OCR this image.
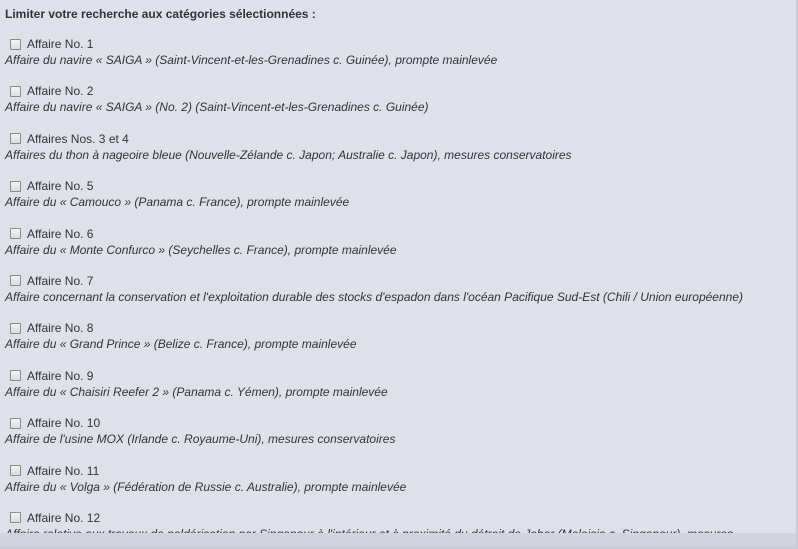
Limiter votre recherche aux catégories sélectionnées :
Affaire No. 1
Affaire du navire « SAIGA » (Saint-Vincent-et-les-Grenadines c. Guinée), prompte mainlevée
Affaire No. 2
Affaire du navire « SAIGA » (No. 2) (Saint-Vincent-et-les-Grenadines c. Guinée)
Affaires Nos. 3 et 4
Affaires du thon à nageoire bleue (Nouvelle-Zélande c. Japon; Australie c. Japon), mesures conservatoires
Affaire No. 5
Affaire du « Camouco » (Panama c. France), prompte mainlevée
Affaire No. 6
Affaire du « Monte Confurco » (Seychelles c. France), prompte mainlevée
Affaire No. 7
Affaire concernant la conservation et l'exploitation durable des stocks d'espadon dans l'océan Pacifique Sud-Est (Chili / Union européenne)
Affaire No. 8
Affaire du « Grand Prince » (Belize c. France), prompte mainlevée
Affaire No. 9
Affaire du « Chaisiri Reefer 2 » (Panama c. Yémen), prompte mainlevée
Affaire No. 10
Affaire de l'usine MOX (Irlande c. Royaume-Uni), mesures conservatoires
Affaire No. 11
Affaire du « Volga » (Fédération de Russie c. Australie), prompte mainlevée
Affaire No. 12
